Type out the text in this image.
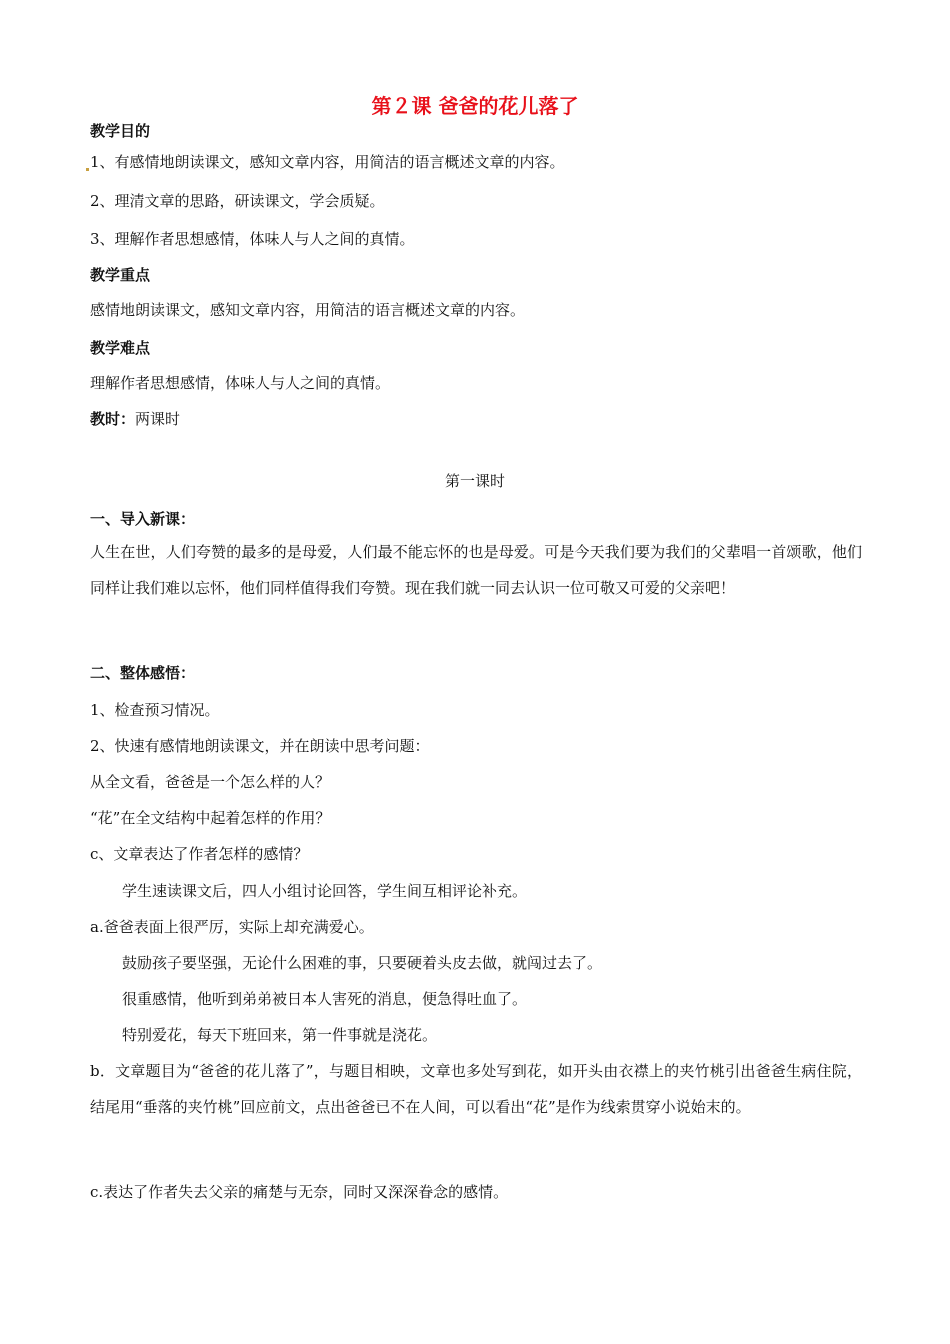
第２课 爸爸的花儿落了
教学目的
1、有感情地朗读课文，感知文章内容，用简洁的语言概述文章的内容。
2、理清文章的思路，研读课文，学会质疑。
3、理解作者思想感情，体味人与人之间的真情。
教学重点
感情地朗读课文，感知文章内容，用简洁的语言概述文章的内容。
教学难点
理解作者思想感情，体味人与人之间的真情。
教时：两课时
第一课时
一、导入新课：
人生在世，人们夸赞的最多的是母爱，人们最不能忘怀的也是母爱。可是今天我们要为我们的父辈唱一首颂歌，他们同样让我们难以忘怀，他们同样值得我们夸赞。现在我们就一同去认识一位可敬又可爱的父亲吧！
二、整体感悟：
1、检查预习情况。
2、快速有感情地朗读课文，并在朗读中思考问题：
从全文看，爸爸是一个怎么样的人？
“花”在全文结构中起着怎样的作用？
c、文章表达了作者怎样的感情？
学生速读课文后，四人小组讨论回答，学生间互相评论补充。
a.爸爸表面上很严厉，实际上却充满爱心。
鼓励孩子要坚强，无论什么困难的事，只要硬着头皮去做，就闯过去了。
很重感情，他听到弟弟被日本人害死的消息，便急得吐血了。
特别爱花，每天下班回来，第一件事就是浇花。
b．文章题目为“爸爸的花儿落了”，与题目相映，文章也多处写到花，如开头由衣襟上的夹竹桃引出爸爸生病住院，结尾用“垂落的夹竹桃”回应前文，点出爸爸已不在人间，可以看出“花”是作为线索贯穿小说始末的。
c.表达了作者失去父亲的痛楚与无奈，同时又深深眷念的感情。
